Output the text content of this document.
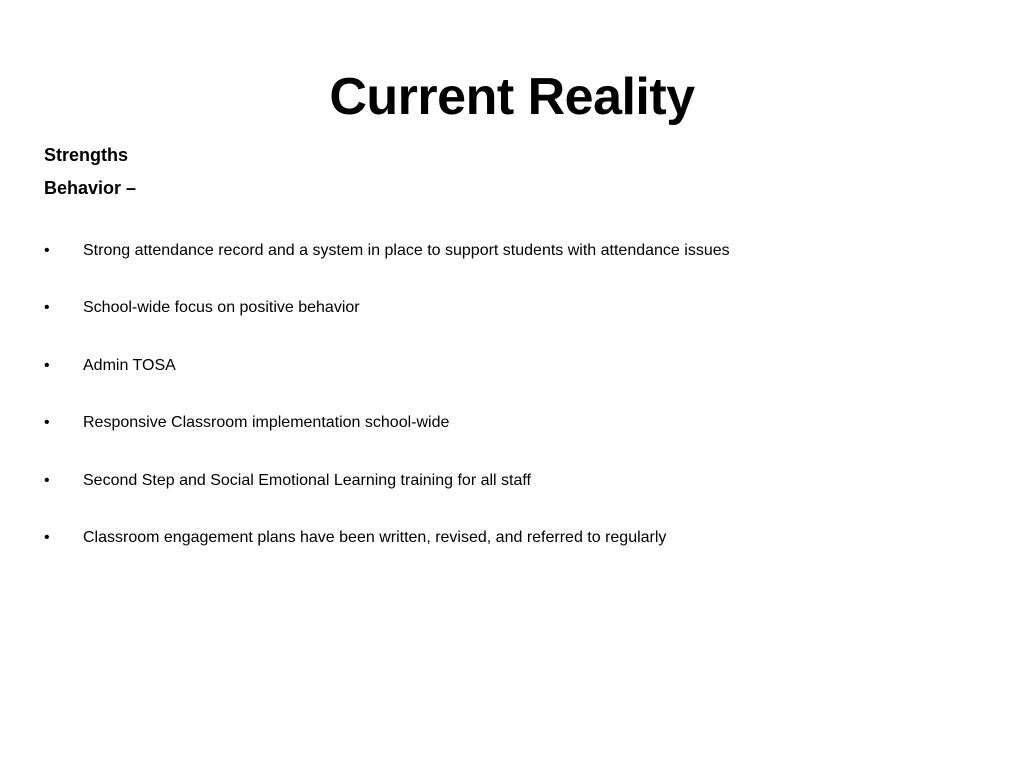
Current Reality
Strengths
Behavior –
•	Strong attendance record and a system in place to support students with attendance issues
•	School-wide focus on positive behavior
•	Admin TOSA
•	Responsive Classroom implementation school-wide
•	Second Step and Social Emotional Learning training for all staff
•	Classroom engagement plans have been written, revised, and referred to regularly
